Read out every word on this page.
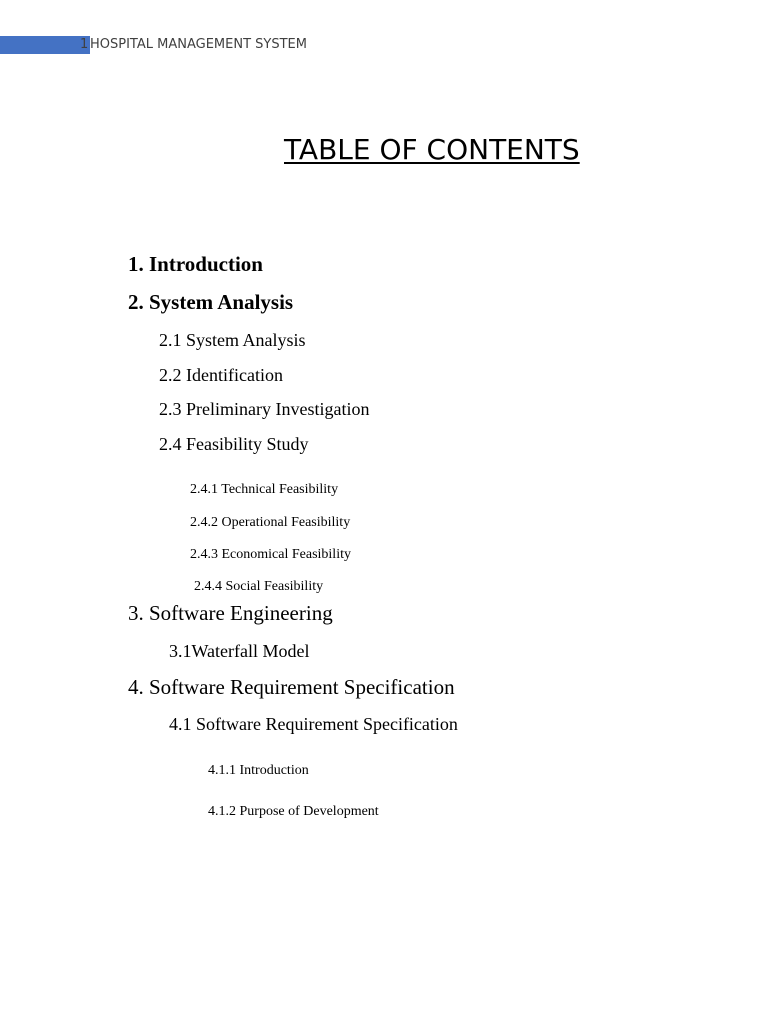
1 HOSPITAL MANAGEMENT SYSTEM
TABLE OF CONTENTS
1. Introduction
2. System Analysis
2.1 System Analysis
2.2 Identification
2.3 Preliminary Investigation
2.4 Feasibility Study
2.4.1 Technical Feasibility
2.4.2 Operational Feasibility
2.4.3 Economical Feasibility
2.4.4 Social Feasibility
3. Software Engineering
3.1Waterfall Model
4. Software Requirement Specification
4.1 Software Requirement Specification
4.1.1 Introduction
4.1.2 Purpose of Development
